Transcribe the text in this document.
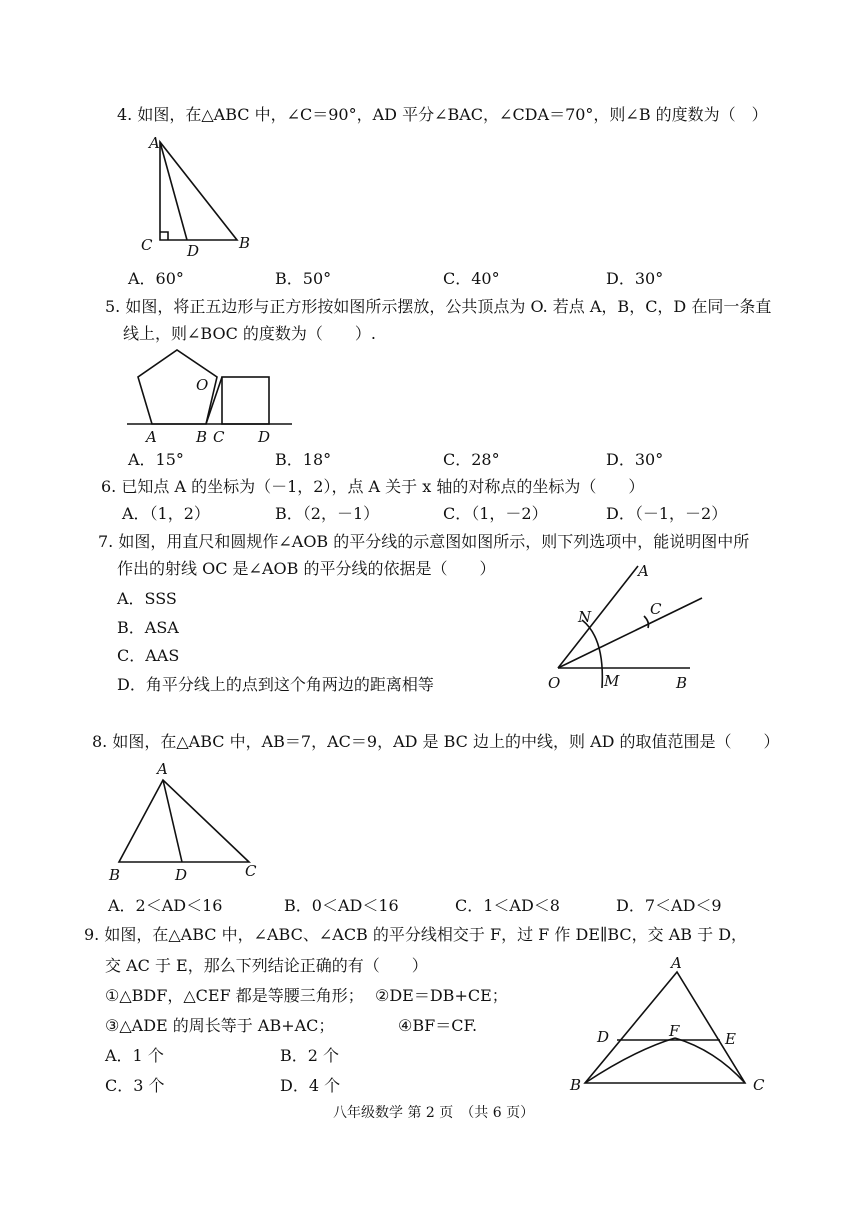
4. 如图，在△ABC 中，∠C＝90°，AD 平分∠BAC，∠CDA＝70°，则∠B 的度数为（　）
A
C D	B
A．60°	B．50°	C．40°	D．30°
5. 如图，将正五边形与正方形按如图所示摆放，公共顶点为 O. 若点 A，B，C，D 在同一条直
线上，则∠BOC 的度数为（　　）.
O
A	B C D
A．15°	B．18°	C．28°	D．30°
6. 已知点 A 的坐标为（－1，2），点 A 关于 x 轴的对称点的坐标为（　　）
A．（1，2）	B．（2，－1）	C．（1，－2）	D．（－1，－2）
7. 如图，用直尺和圆规作∠AOB 的平分线的示意图如图所示，则下列选项中，能说明图中所
作出的射线 OC 是∠AOB 的平分线的依据是（　　）
A．SSS
B．ASA
C．AAS
D．角平分线上的点到这个角两边的距离相等
N
A
C
O	M	B
8. 如图，在△ABC 中，AB＝7，AC＝9，AD 是 BC 边上的中线，则 AD 的取值范围是（　　）
A
B	D	C
A．2＜AD＜16	B．0＜AD＜16	C．1＜AD＜8	D．7＜AD＜9
9. 如图，在△ABC 中，∠ABC、∠ACB 的平分线相交于 F，过 F 作 DE∥BC，交 AB 于 D，
交 AC 于 E，那么下列结论正确的有（　　）
①△BDF，△CEF 都是等腰三角形； ②DE＝DB+CE；
③△ADE 的周长等于 AB+AC；	④BF＝CF.
A．1 个	B．2 个
C．3 个	D．4 个
A
D	F	E
B	C
八年级数学 第 2 页　（共 6 页）
